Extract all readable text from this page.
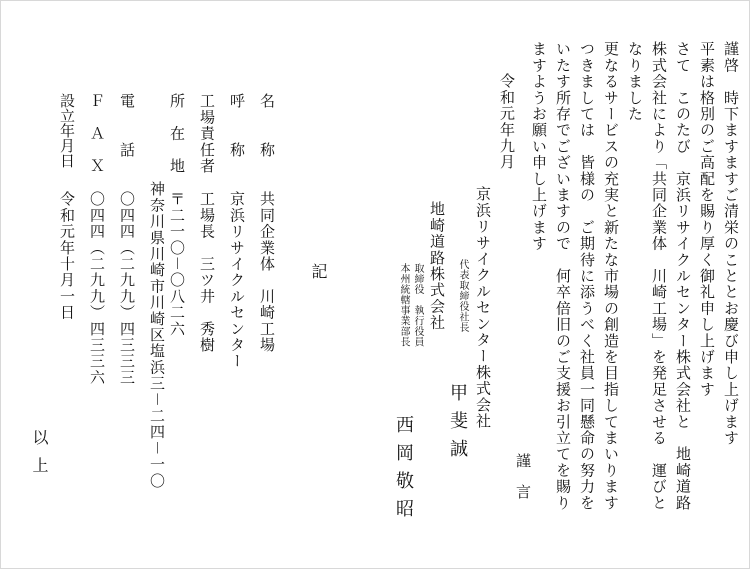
謹啓　時下ますますご清栄のこととお慶び申し上げます
平素は格別のご高配を賜り厚く御礼申し上げます
さて　このたび　京浜リサイクルセンター株式会社と　地崎道路
株式会社により「共同企業体　川崎工場」を発足させる　運びと
なりました
更なるサービスの充実と新たな市場の創造を目指してまいります
つきましては　皆様の　ご期待に添うべく社員一同懸命の努力を
いたす所存でございますので　何卒倍旧のご支援お引立てを賜り
ますようお願い申し上げます
謹言
令和元年九月
京浜リサイクルセンター株式会社
代表取締役社長
甲斐誠
地崎道路株式会社
取締役　執行役員
本州統轄事業部長
西岡敬昭
記
名　　称
共同企業体　川崎工場
呼　　称
京浜リサイクルセンター
工場責任者
工場長　三ツ井　秀樹
所　在　地
〒二一〇－〇八二六
神奈川県川崎市川崎区塩浜三－二四－一〇
電　　話
〇四四（二九九）四三三三
Ｆ　Ａ　Ｘ
〇四四（二九九）四三三六
設立年月日
令和元年十月一日
以上
